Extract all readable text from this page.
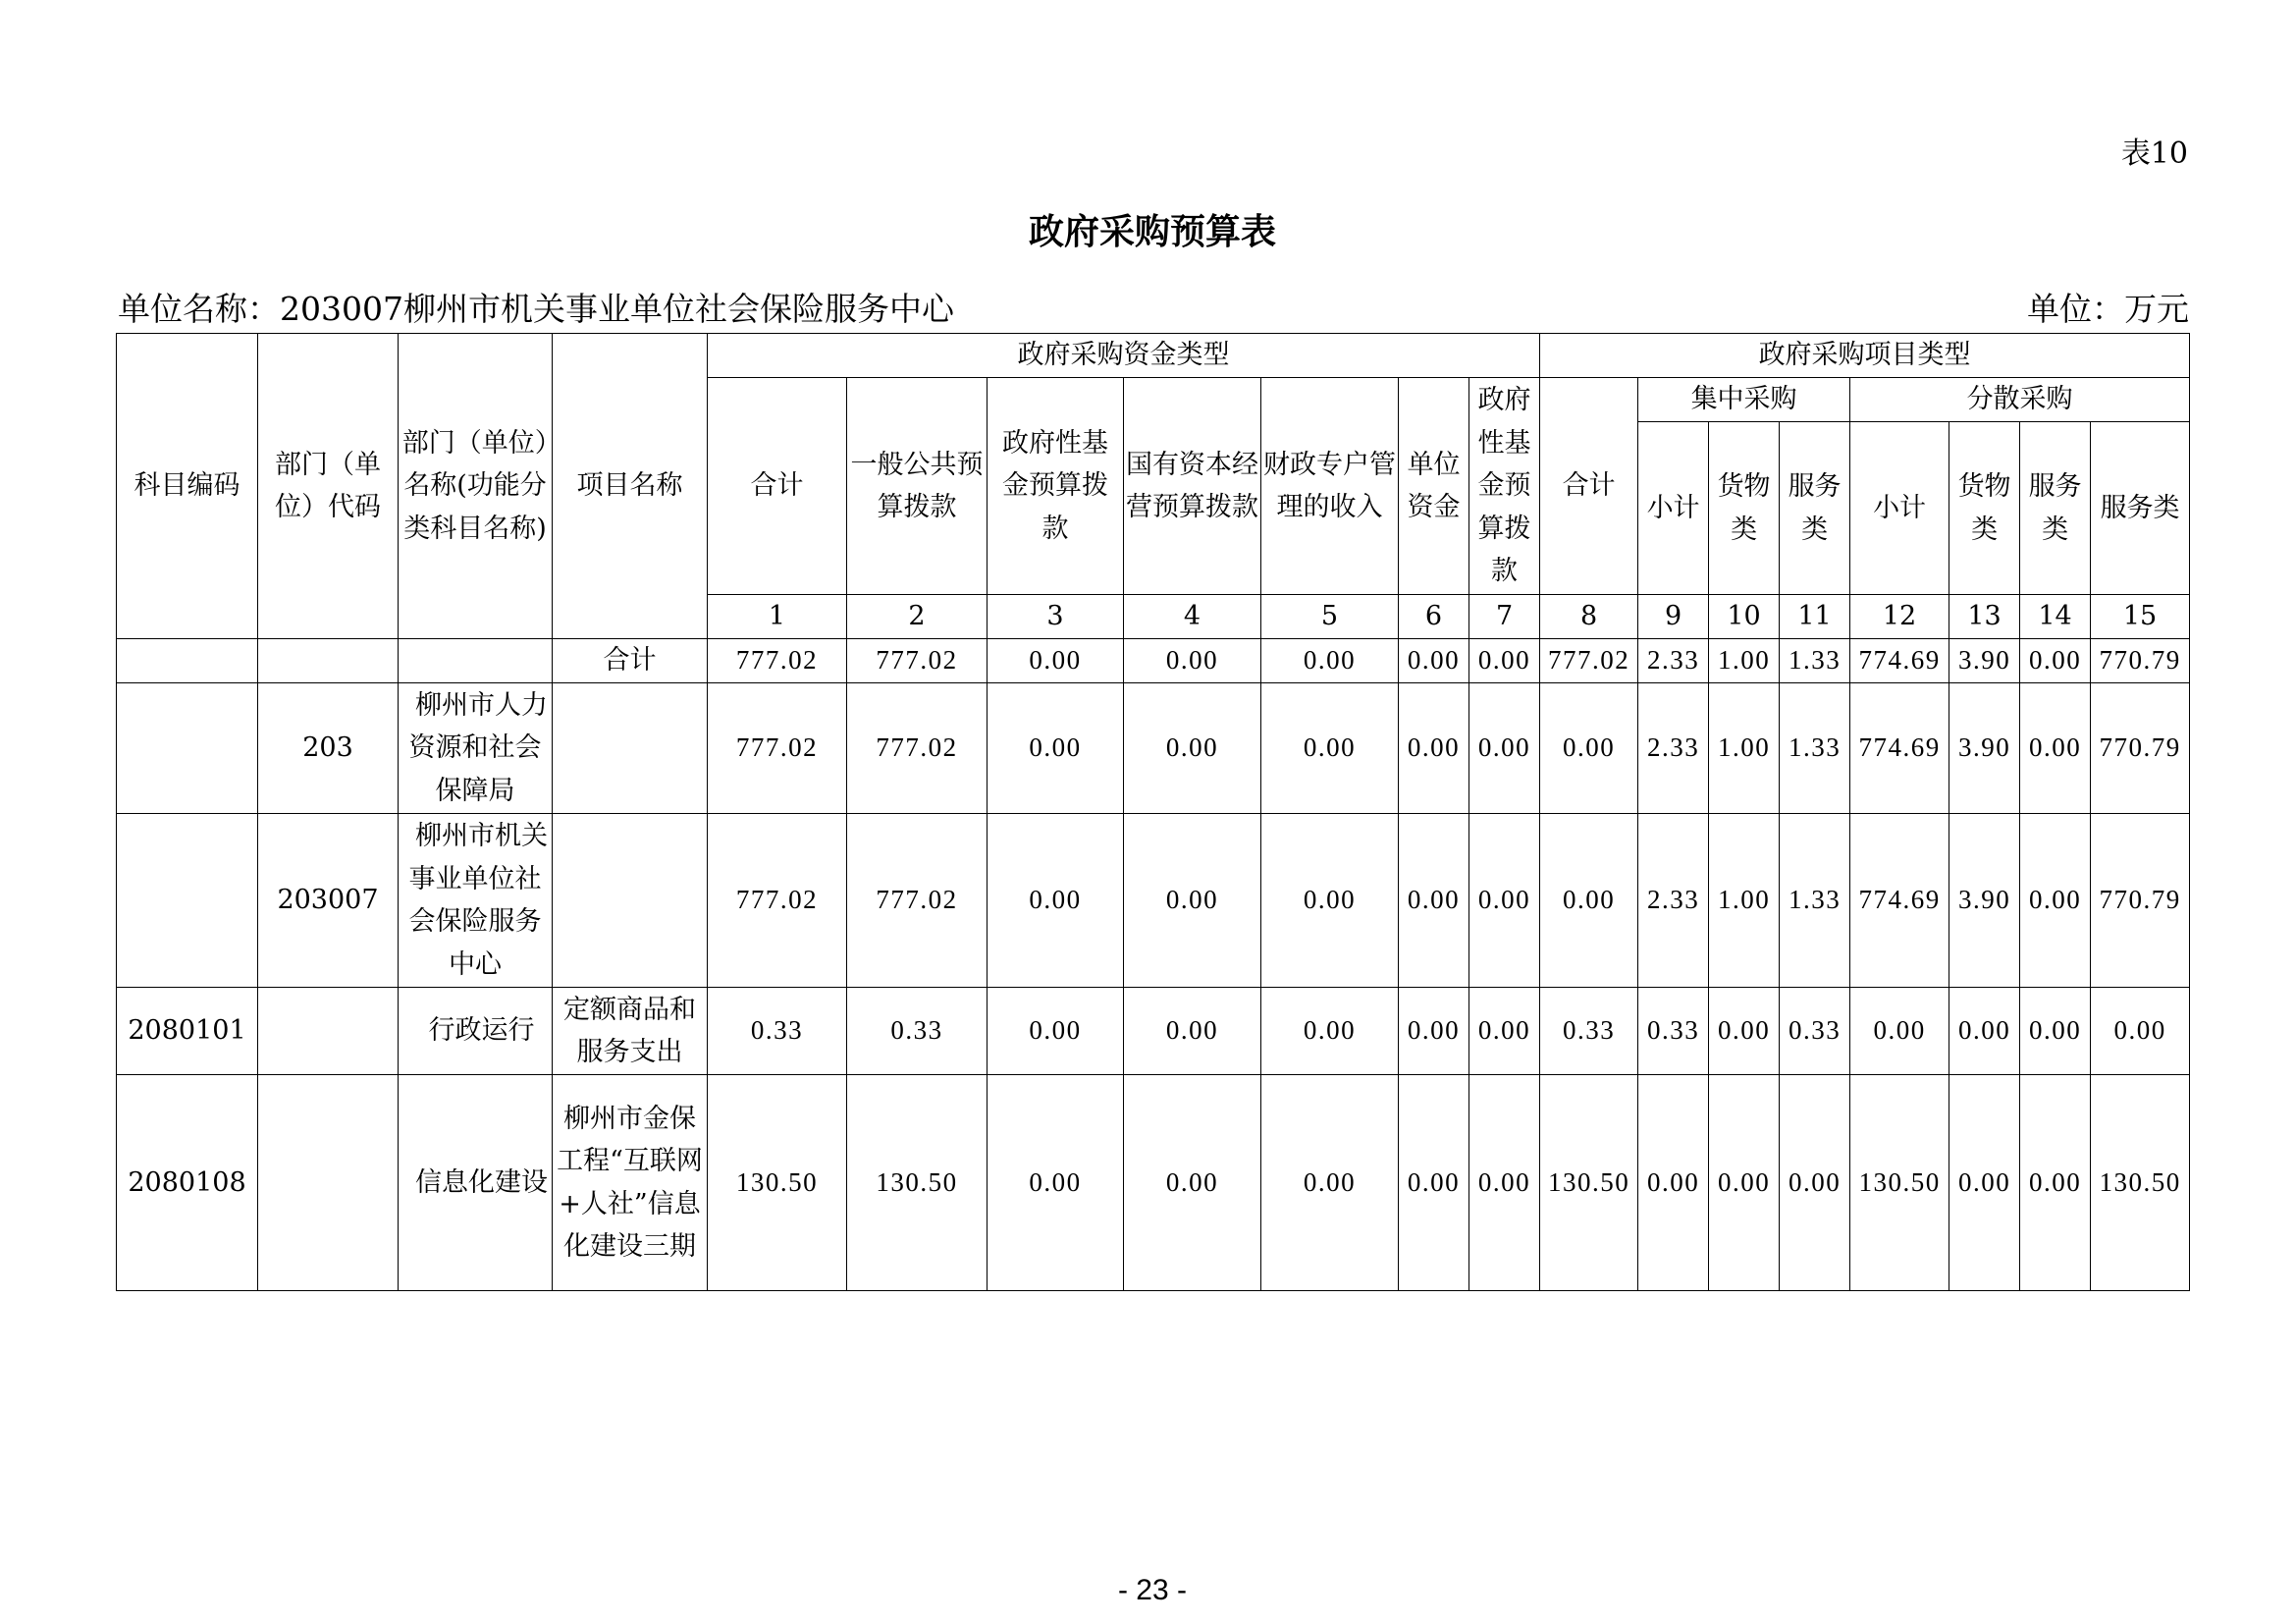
表10
政府采购预算表
单位名称：203007柳州市机关事业单位社会保险服务中心	单位：万元
科目编码	部门（单位）代码	部门（单位）名称(功能分类科目名称)	项目名称	政府采购资金类型							政府采购项目类型							
				合计	一般公共预算拨款	政府性基金预算拨款	国有资本经营预算拨款	财政专户管理的收入	单位资金	政府性基金预算拨款	合计	集中采购			分散采购			
												小计	货物类	服务类	小计	货物类	服务类	服务类
				1	2	3	4	5	6	7	8	9	10	11	12	13	14	15
			合计	777.02	777.02	0.00	0.00	0.00	0.00	0.00	777.02	2.33	1.00	1.33	774.69	3.90	0.00	770.79
	203	柳州市人力资源和社会保障局		777.02	777.02	0.00	0.00	0.00	0.00	0.00	0.00	2.33	1.00	1.33	774.69	3.90	0.00	770.79
	203007	柳州市机关事业单位社会保险服务中心		777.02	777.02	0.00	0.00	0.00	0.00	0.00	0.00	2.33	1.00	1.33	774.69	3.90	0.00	770.79
2080101		行政运行	定额商品和服务支出	0.33	0.33	0.00	0.00	0.00	0.00	0.00	0.33	0.33	0.00	0.33	0.00	0.00	0.00	0.00
2080108		信息化建设	柳州市金保工程“互联网+人社”信息化建设三期	130.50	130.50	0.00	0.00	0.00	0.00	0.00	130.50	0.00	0.00	0.00	130.50	0.00	0.00	130.50
- 23 -
